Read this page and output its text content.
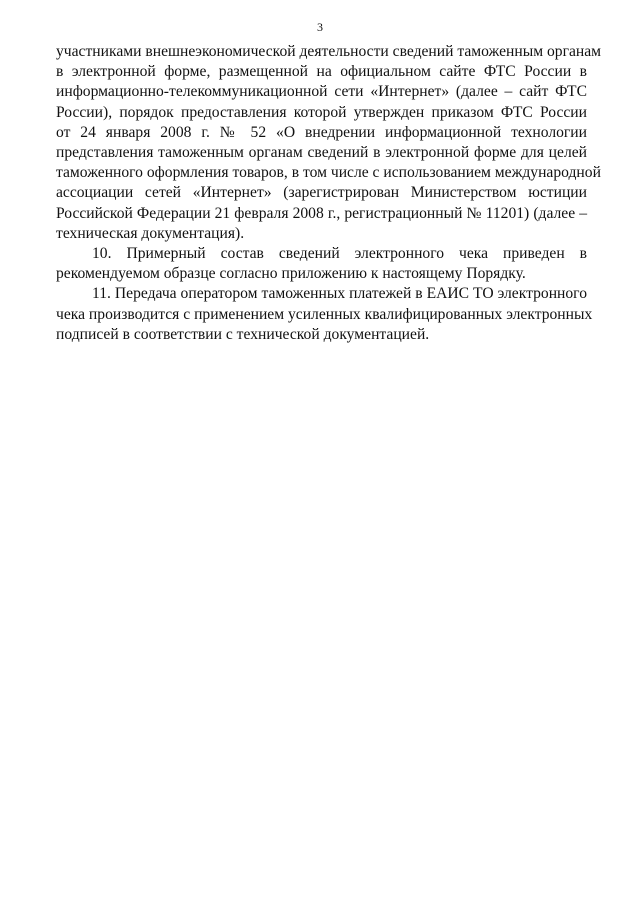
3
участниками внешнеэкономической деятельности сведений таможенным органам
в электронной форме, размещенной на официальном сайте ФТС России в
информационно-телекоммуникационной сети «Интернет» (далее – сайт ФТС
России), порядок предоставления которой утвержден приказом ФТС России
от 24 января 2008 г. № 52 «О внедрении информационной технологии
представления таможенным органам сведений в электронной форме для целей
таможенного оформления товаров, в том числе с использованием международной
ассоциации сетей «Интернет» (зарегистрирован Министерством юстиции
Российской Федерации 21 февраля 2008 г., регистрационный № 11201) (далее –
техническая документация).
10. Примерный состав сведений электронного чека приведен в
рекомендуемом образце согласно приложению к настоящему Порядку.
11. Передача оператором таможенных платежей в ЕАИС ТО электронного
чека производится с применением усиленных квалифицированных электронных
подписей в соответствии с технической документацией.
